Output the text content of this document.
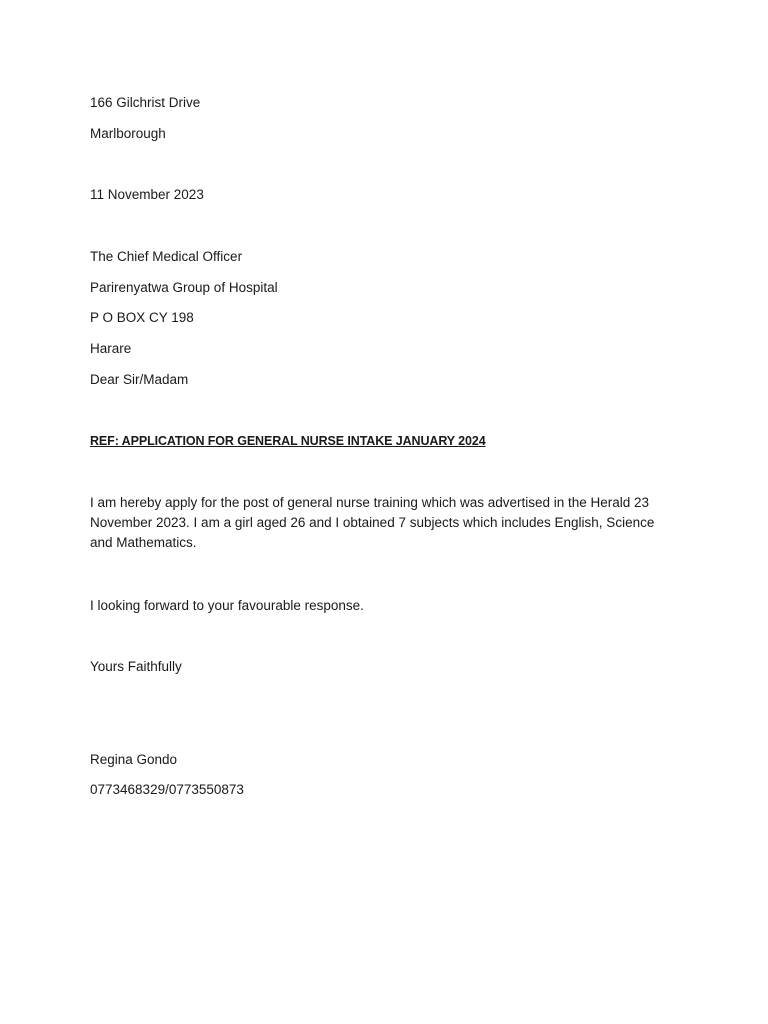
166 Gilchrist Drive
Marlborough
11 November 2023
The Chief Medical Officer
Parirenyatwa Group of Hospital
P O BOX CY 198
Harare
Dear Sir/Madam
REF: APPLICATION FOR GENERAL NURSE INTAKE JANUARY 2024
I am hereby apply for the post of general nurse training which was advertised in the Herald 23 November 2023. I am a girl aged 26 and I obtained 7 subjects which includes English, Science and Mathematics.
I looking forward to your favourable response.
Yours Faithfully
Regina Gondo
0773468329/0773550873
